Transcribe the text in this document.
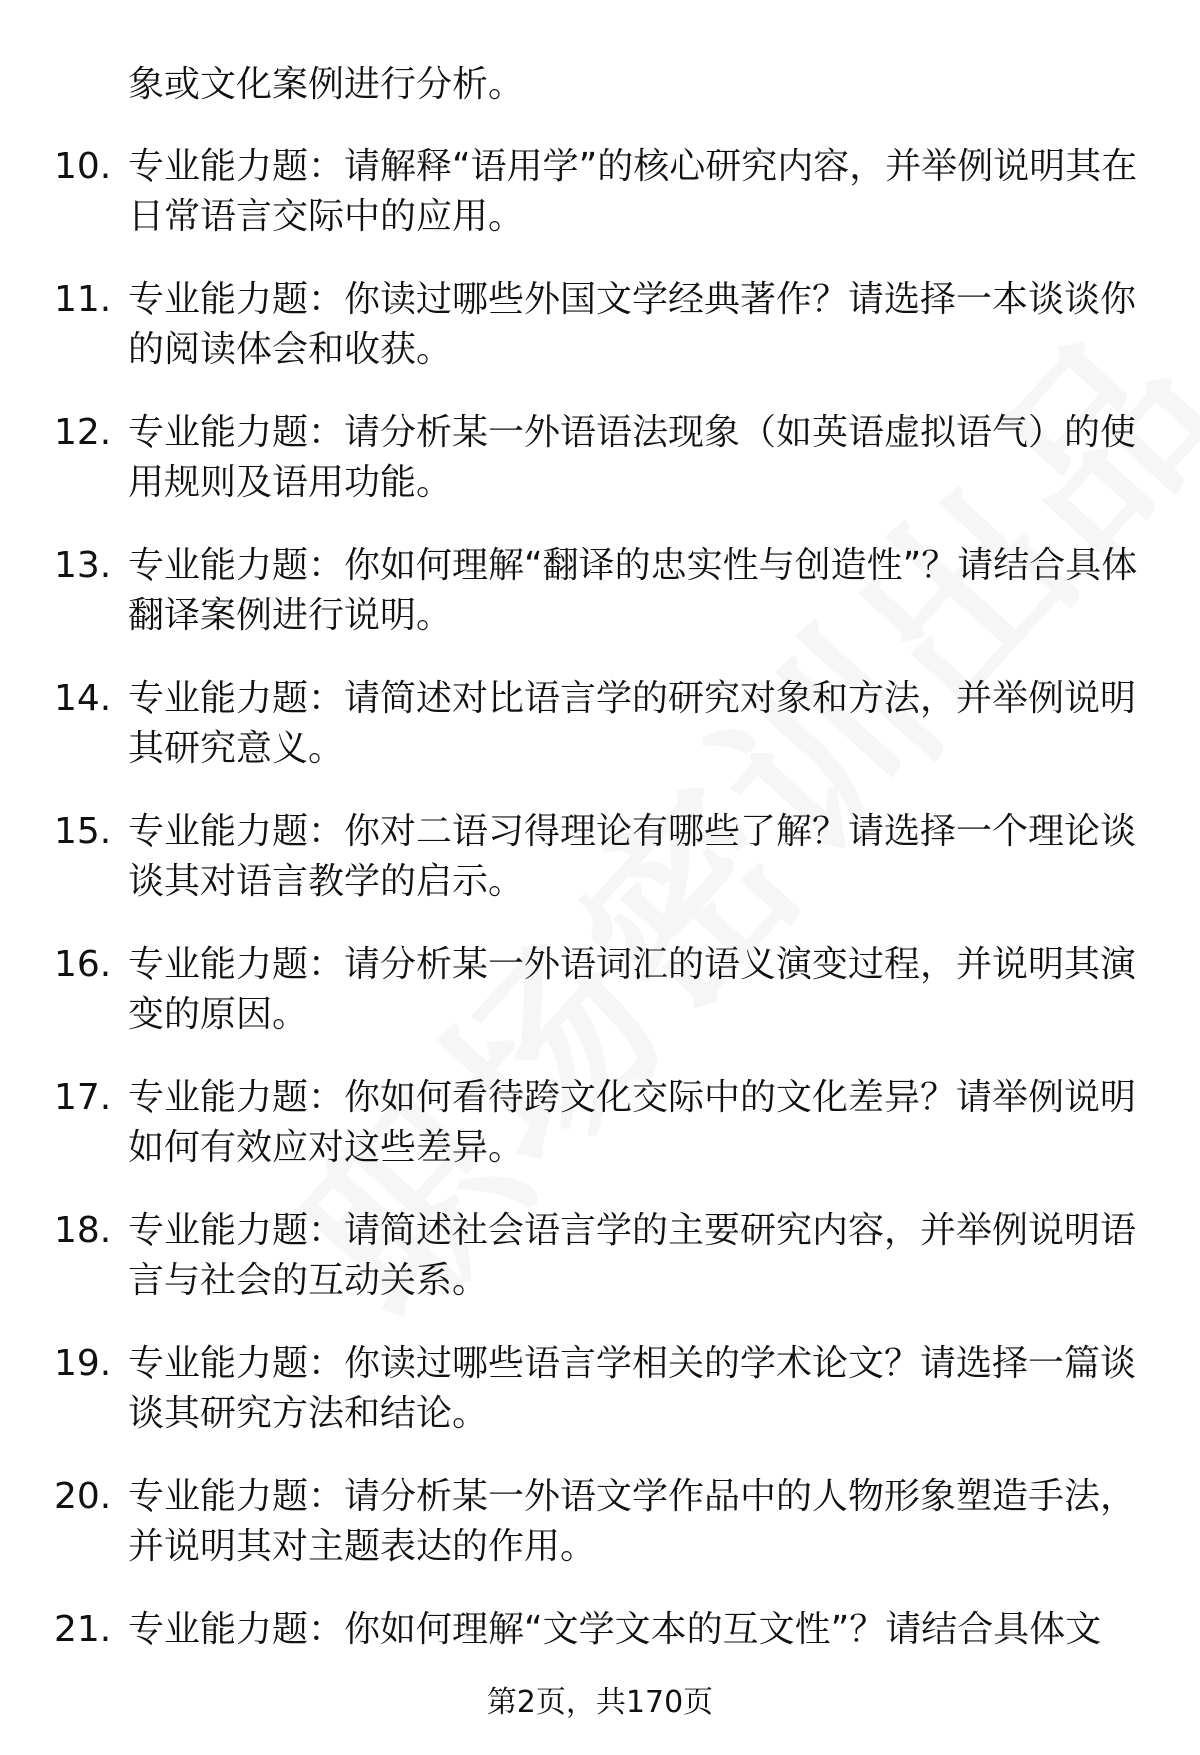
象或文化案例进行分析。

10. 专业能力题：请解释“语用学”的核心研究内容，并举例说明其在日常语言交际中的应用。
11. 专业能力题：你读过哪些外国文学经典著作？请选择一本谈谈你的阅读体会和收获。
12. 专业能力题：请分析某一外语语法现象（如英语虚拟语气）的使用规则及语用功能。
13. 专业能力题：你如何理解“翻译的忠实性与创造性”？请结合具体翻译案例进行说明。
14. 专业能力题：请简述对比语言学的研究对象和方法，并举例说明其研究意义。
15. 专业能力题：你对二语习得理论有哪些了解？请选择一个理论谈谈其对语言教学的启示。
16. 专业能力题：请分析某一外语词汇的语义演变过程，并说明其演变的原因。
17. 专业能力题：你如何看待跨文化交际中的文化差异？请举例说明如何有效应对这些差异。
18. 专业能力题：请简述社会语言学的主要研究内容，并举例说明语言与社会的互动关系。
19. 专业能力题：你读过哪些语言学相关的学术论文？请选择一篇谈谈其研究方法和结论。
20. 专业能力题：请分析某一外语文学作品中的人物形象塑造手法，并说明其对主题表达的作用。
21. 专业能力题：你如何理解“文学文本的互文性”？请结合具体文
第2页，共170页
